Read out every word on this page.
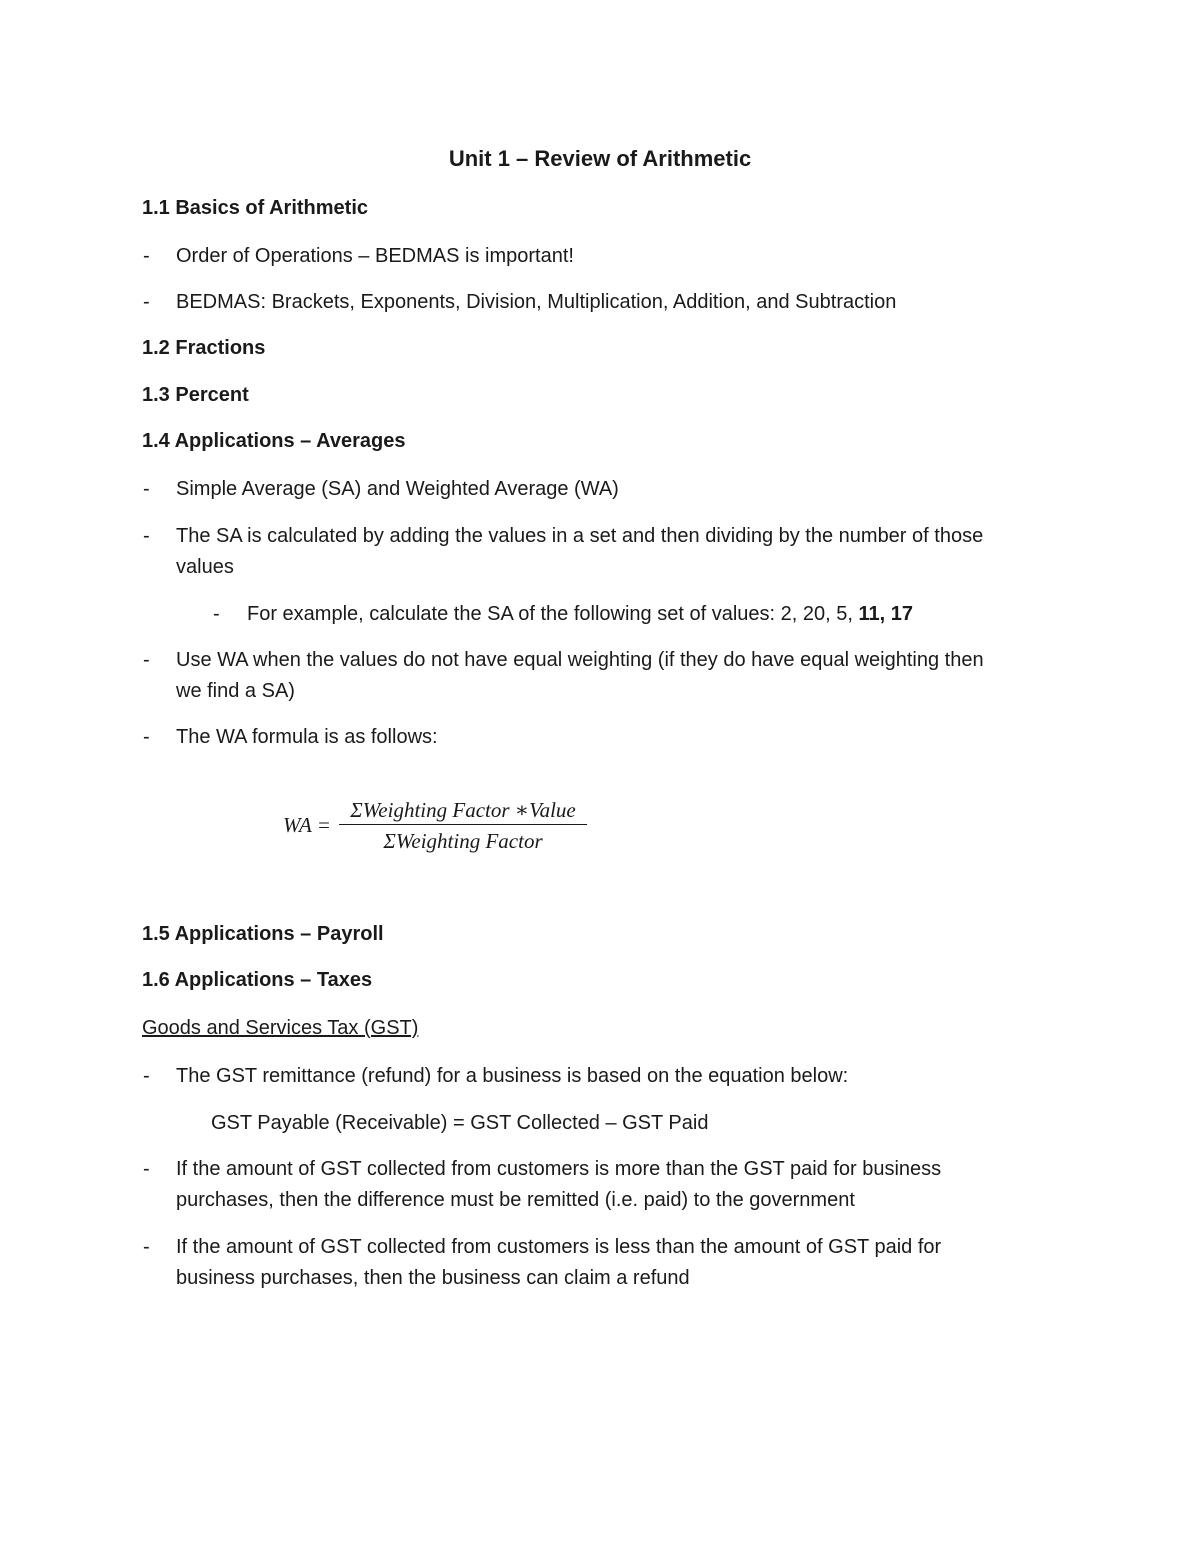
Unit 1 – Review of Arithmetic
1.1 Basics of Arithmetic
- Order of Operations – BEDMAS is important!
- BEDMAS: Brackets, Exponents, Division, Multiplication, Addition, and Subtraction
1.2 Fractions
1.3 Percent
1.4 Applications – Averages
- Simple Average (SA) and Weighted Average (WA)
- The SA is calculated by adding the values in a set and then dividing by the number of those
values
- For example, calculate the SA of the following set of values: 2, 20, 5, 11, 17
- Use WA when the values do not have equal weighting (if they do have equal weighting then
we find a SA)
- The WA formula is as follows:
WA =
ΣWeighting Factor ∗Value
ΣWeighting Factor
1.5 Applications – Payroll
1.6 Applications – Taxes
Goods and Services Tax (GST)
- The GST remittance (refund) for a business is based on the equation below:
GST Payable (Receivable) = GST Collected – GST Paid
- If the amount of GST collected from customers is more than the GST paid for business
purchases, then the difference must be remitted (i.e. paid) to the government
- If the amount of GST collected from customers is less than the amount of GST paid for
business purchases, then the business can claim a refund
